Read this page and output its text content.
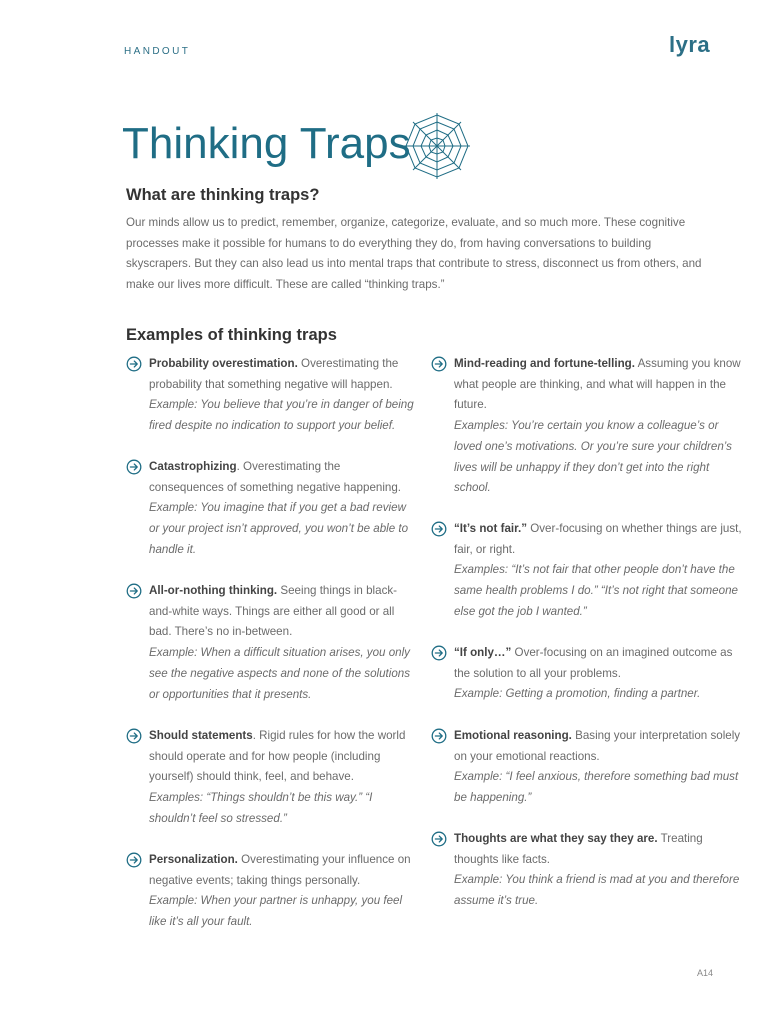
HANDOUT	lyra
Thinking Traps
What are thinking traps?
Our minds allow us to predict, remember, organize, categorize, evaluate, and so much more. These cognitive processes make it possible for humans to do everything they do, from having conversations to building skyscrapers. But they can also lead us into mental traps that contribute to stress, disconnect us from others, and make our lives more difficult. These are called “thinking traps.”
Examples of thinking traps
Probability overestimation. Overestimating the probability that something negative will happen.
Example: You believe that you’re in danger of being fired despite no indication to support your belief.
Catastrophizing. Overestimating the consequences of something negative happening.
Example: You imagine that if you get a bad review or your project isn’t approved, you won’t be able to handle it.
All-or-nothing thinking. Seeing things in black-and-white ways. Things are either all good or all bad. There’s no in-between.
Example: When a difficult situation arises, you only see the negative aspects and none of the solutions or opportunities that it presents.
Should statements. Rigid rules for how the world should operate and for how people (including yourself) should think, feel, and behave.
Examples: “Things shouldn’t be this way.” “I shouldn’t feel so stressed.”
Personalization. Overestimating your influence on negative events; taking things personally.
Example: When your partner is unhappy, you feel like it’s all your fault.
Mind-reading and fortune-telling. Assuming you know what people are thinking, and what will happen in the future.
Examples: You’re certain you know a colleague’s or loved one’s motivations. Or you’re sure your children’s lives will be unhappy if they don’t get into the right school.
“It’s not fair.” Over-focusing on whether things are just, fair, or right.
Examples: “It’s not fair that other people don’t have the same health problems I do.” “It’s not right that someone else got the job I wanted.”
“If only…” Over-focusing on an imagined outcome as the solution to all your problems.
Example: Getting a promotion, finding a partner.
Emotional reasoning. Basing your interpretation solely on your emotional reactions.
Example: “I feel anxious, therefore something bad must be happening.”
Thoughts are what they say they are. Treating thoughts like facts.
Example: You think a friend is mad at you and therefore assume it’s true.
A14
